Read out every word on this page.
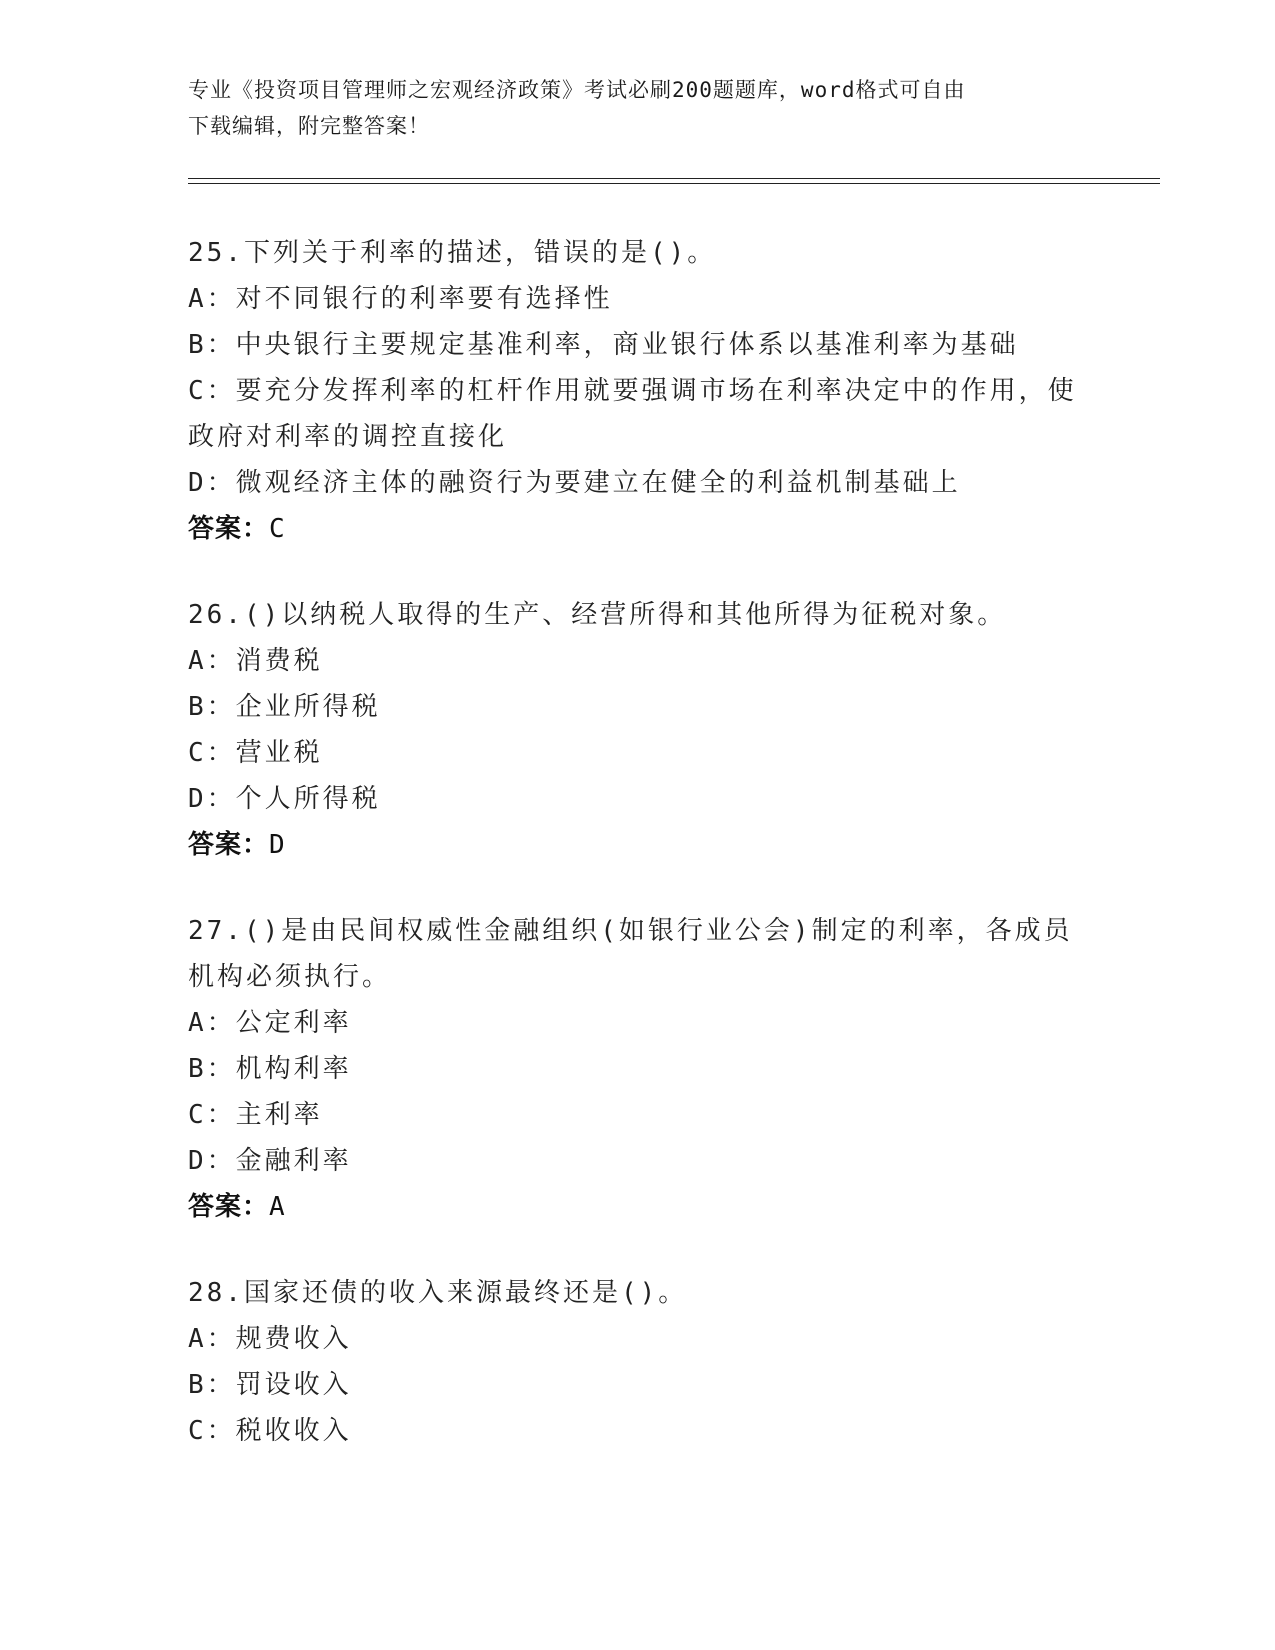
专业《投资项目管理师之宏观经济政策》考试必刷200题题库，word格式可自由
下载编辑，附完整答案！
25.下列关于利率的描述，错误的是()。
A：对不同银行的利率要有选择性
B：中央银行主要规定基准利率，商业银行体系以基准利率为基础
C：要充分发挥利率的杠杆作用就要强调市场在利率决定中的作用，使政府对利率的调控直接化
D：微观经济主体的融资行为要建立在健全的利益机制基础上
答案：C
26.()以纳税人取得的生产、经营所得和其他所得为征税对象。
A：消费税
B：企业所得税
C：营业税
D：个人所得税
答案：D
27.()是由民间权威性金融组织(如银行业公会)制定的利率，各成员机构必须执行。
A：公定利率
B：机构利率
C：主利率
D：金融利率
答案：A
28.国家还债的收入来源最终还是()。
A：规费收入
B：罚设收入
C：税收收入
